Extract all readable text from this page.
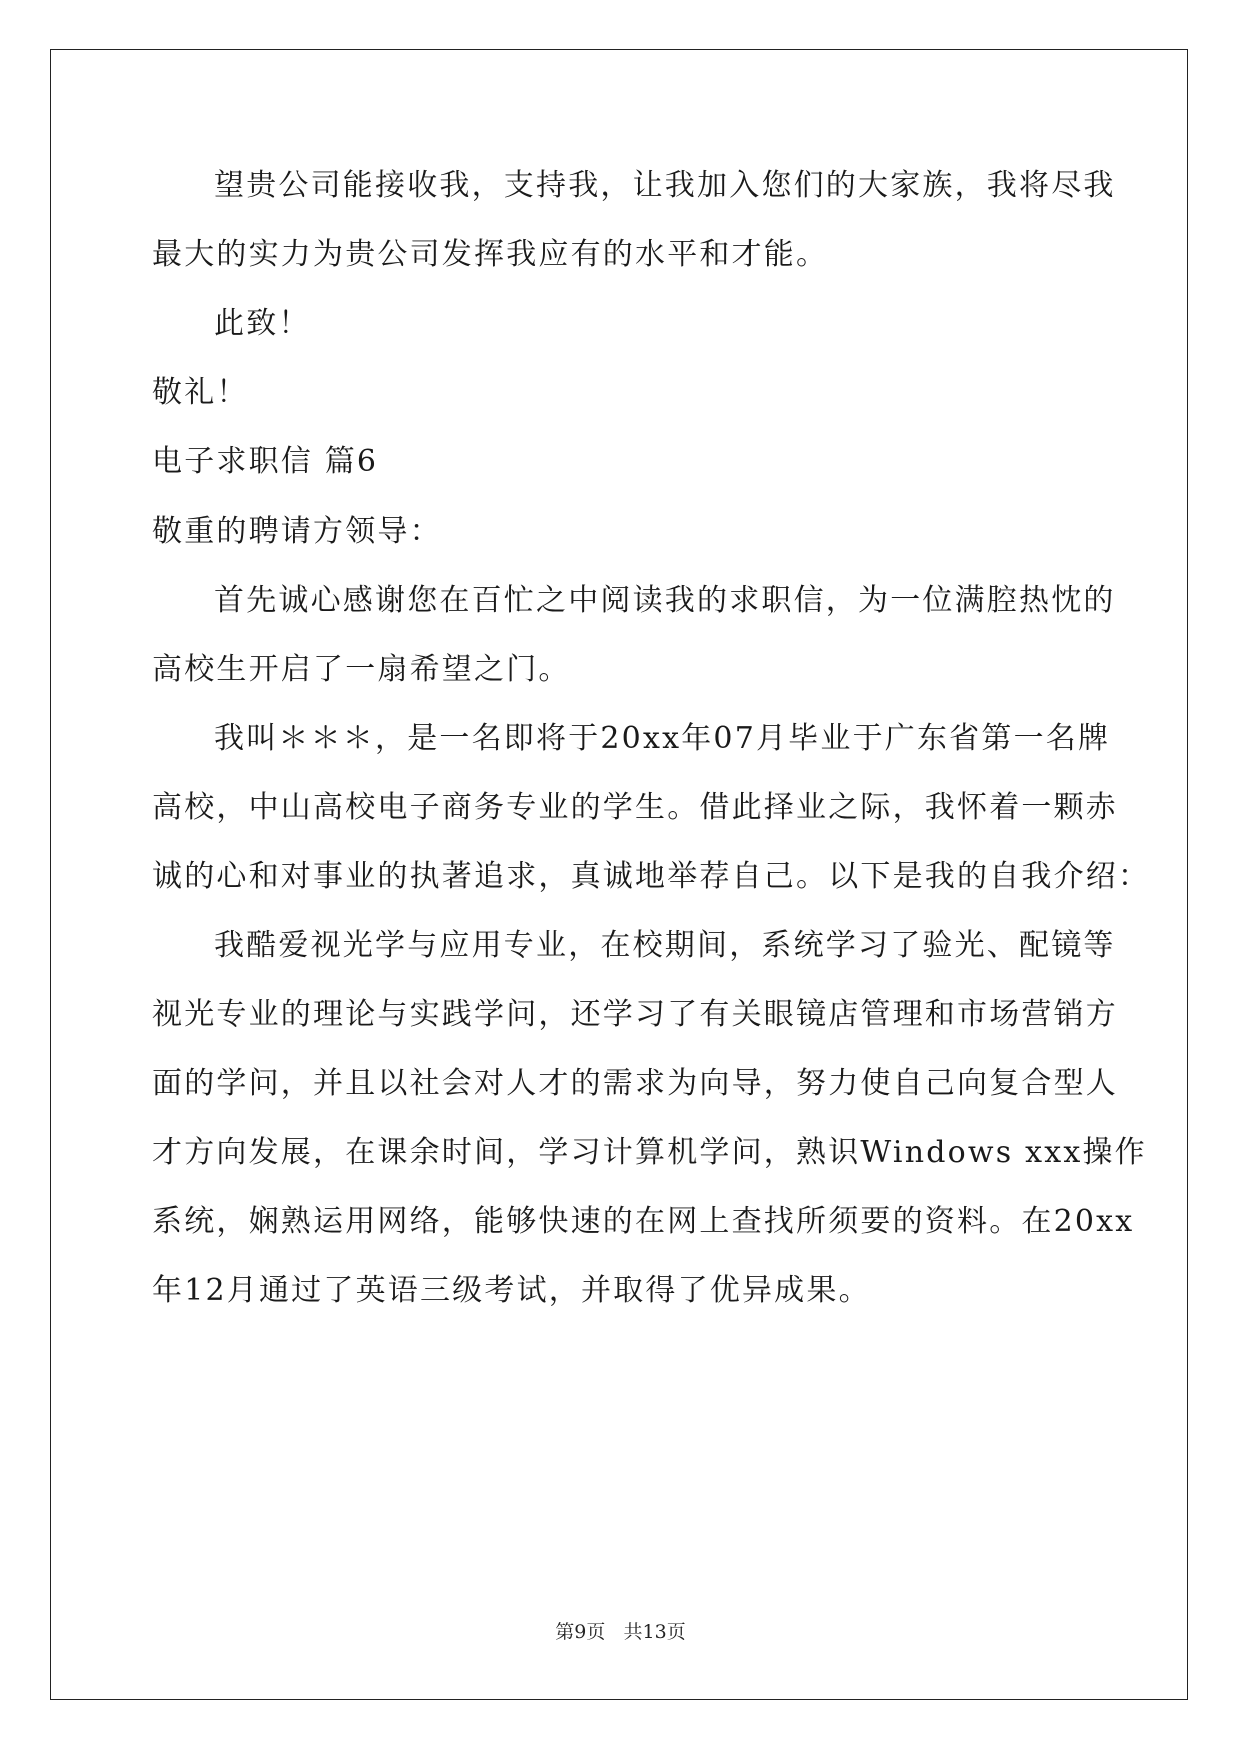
望贵公司能接收我，支持我，让我加入您们的大家族，我将尽我
最大的实力为贵公司发挥我应有的水平和才能。
此致！
敬礼！
电子求职信 篇6
敬重的聘请方领导：
首先诚心感谢您在百忙之中阅读我的求职信，为一位满腔热忱的
高校生开启了一扇希望之门。
我叫＊＊＊，是一名即将于20xx年07月毕业于广东省第一名牌
高校，中山高校电子商务专业的学生。借此择业之际，我怀着一颗赤
诚的心和对事业的执著追求，真诚地举荐自己。以下是我的自我介绍：
我酷爱视光学与应用专业，在校期间，系统学习了验光、配镜等
视光专业的理论与实践学问，还学习了有关眼镜店管理和市场营销方
面的学问，并且以社会对人才的需求为向导，努力使自己向复合型人
才方向发展，在课余时间，学习计算机学问，熟识Windows xxx操作
系统，娴熟运用网络，能够快速的在网上查找所须要的资料。在20xx
年12月通过了英语三级考试，并取得了优异成果。
第9页 共13页
